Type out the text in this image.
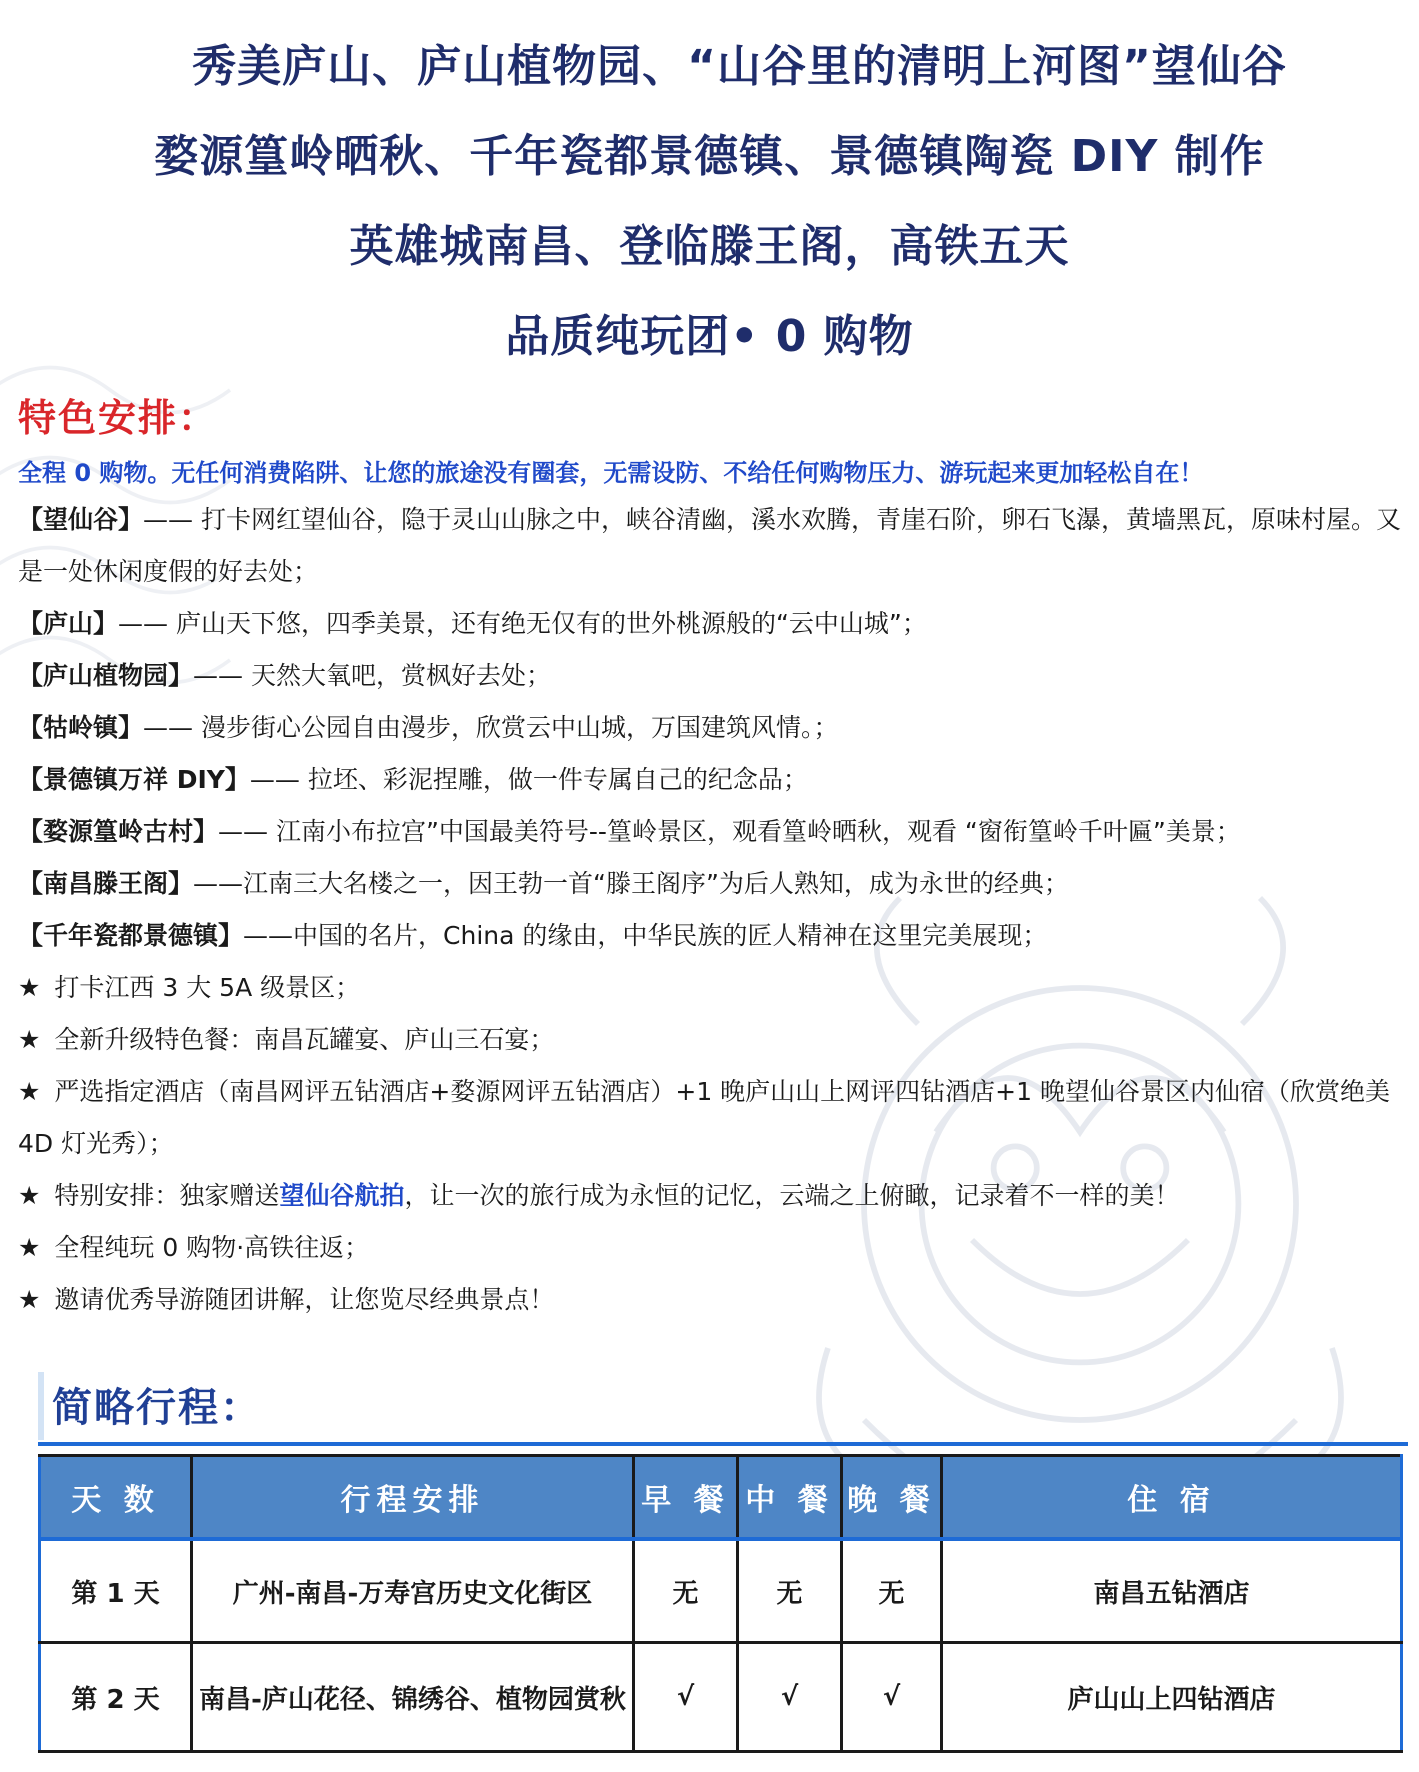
秀美庐山、庐山植物园、“山谷里的清明上河图”望仙谷
婺源篁岭晒秋、千年瓷都景德镇、景德镇陶瓷 DIY 制作
英雄城南昌、登临滕王阁，高铁五天
品质纯玩团• 0 购物
特色安排：
全程 0 购物。无任何消费陷阱、让您的旅途没有圈套，无需设防、不给任何购物压力、游玩起来更加轻松自在！
【望仙谷】—— 打卡网红望仙谷，隐于灵山山脉之中，峡谷清幽，溪水欢腾，青崖石阶，卵石飞瀑，黄墙黑瓦，原味村屋。又是一处休闲度假的好去处；
【庐山】—— 庐山天下悠，四季美景，还有绝无仅有的世外桃源般的“云中山城”；
【庐山植物园】—— 天然大氧吧，赏枫好去处；
【牯岭镇】—— 漫步街心公园自由漫步，欣赏云中山城，万国建筑风情。；
【景德镇万祥 DIY】—— 拉坯、彩泥捏雕，做一件专属自己的纪念品；
【婺源篁岭古村】—— 江南小布拉宫”中国最美符号--篁岭景区，观看篁岭晒秋，观看 “窗衔篁岭千叶匾”美景；
【南昌滕王阁】——江南三大名楼之一，因王勃一首“滕王阁序”为后人熟知，成为永世的经典；
【千年瓷都景德镇】——中国的名片，China 的缘由，中华民族的匠人精神在这里完美展现；
★ 打卡江西 3 大 5A 级景区；
★ 全新升级特色餐：南昌瓦罐宴、庐山三石宴；
★ 严选指定酒店（南昌网评五钻酒店+婺源网评五钻酒店）+1 晚庐山山上网评四钻酒店+1 晚望仙谷景区内仙宿（欣赏绝美 4D 灯光秀）；
★ 特别安排：独家赠送望仙谷航拍，让一次的旅行成为永恒的记忆，云端之上俯瞰，记录着不一样的美！
★ 全程纯玩 0 购物·高铁往返；
★ 邀请优秀导游随团讲解，让您览尽经典景点！
简略行程：
天 数	行程安排	早 餐	中 餐	晚 餐	住 宿
第 1 天	广州-南昌-万寿宫历史文化街区	无	无	无	南昌五钻酒店
第 2 天	南昌-庐山花径、锦绣谷、植物园赏秋	√	√	√	庐山山上四钻酒店
